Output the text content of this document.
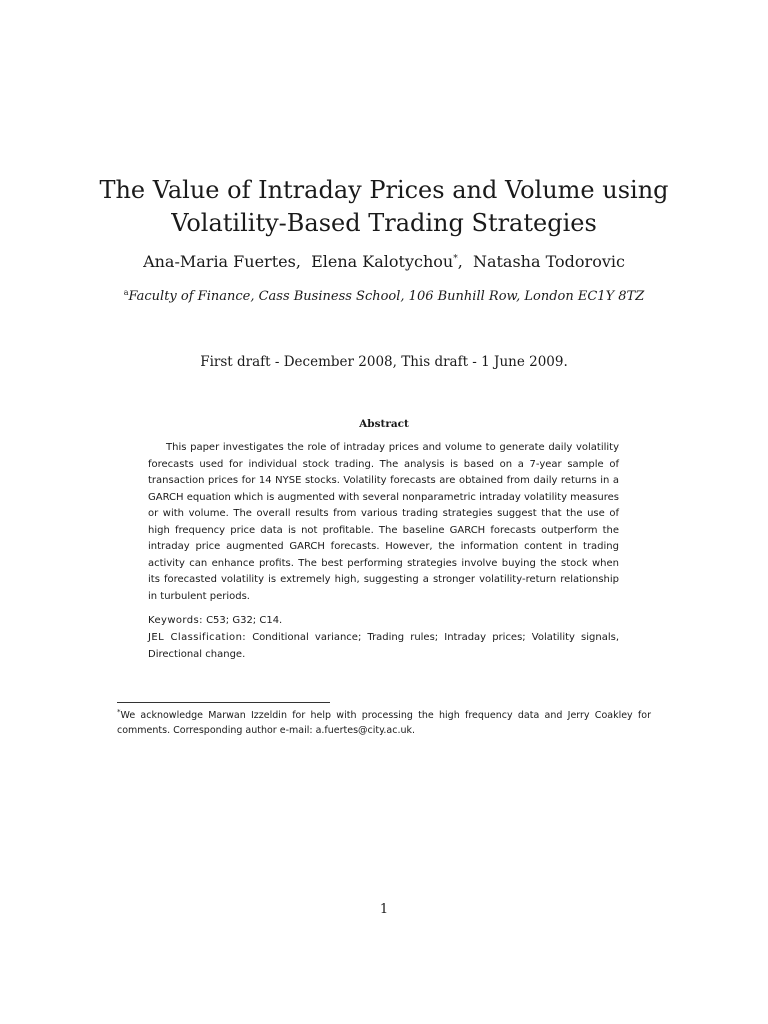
The Value of Intraday Prices and Volume using
Volatility-Based Trading Strategies
Ana-Maria Fuertes, Elena Kalotychou*, Natasha Todorovic
$^a$Faculty of Finance, Cass Business School, 106 Bunhill Row, London EC1Y 8TZ
First draft - December 2008, This draft - 1 June 2009.
Abstract

This paper investigates the role of intraday prices and volume to generate daily volatility forecasts used for individual stock trading. The analysis is based on a 7-year sample of transaction prices for 14 NYSE stocks. Volatility forecasts are obtained from daily returns in a GARCH equation which is augmented with several nonparametric intraday volatility measures or with volume. The overall results from various trading strategies suggest that the use of high frequency price data is not profitable. The baseline GARCH forecasts outperform the intraday price augmented GARCH forecasts. However, the information content in trading activity can enhance profits. The best performing strategies involve buying the stock when its forecasted volatility is extremely high, suggesting a stronger volatility-return relationship in turbulent periods.

Keywords: C53; G32; C14.
JEL Classification: Conditional variance; Trading rules; Intraday prices; Volatility signals, Directional change.
*We acknowledge Marwan Izzeldin for help with processing the high frequency data and Jerry Coakley for comments. Corresponding author e-mail: a.fuertes@city.ac.uk.
1
